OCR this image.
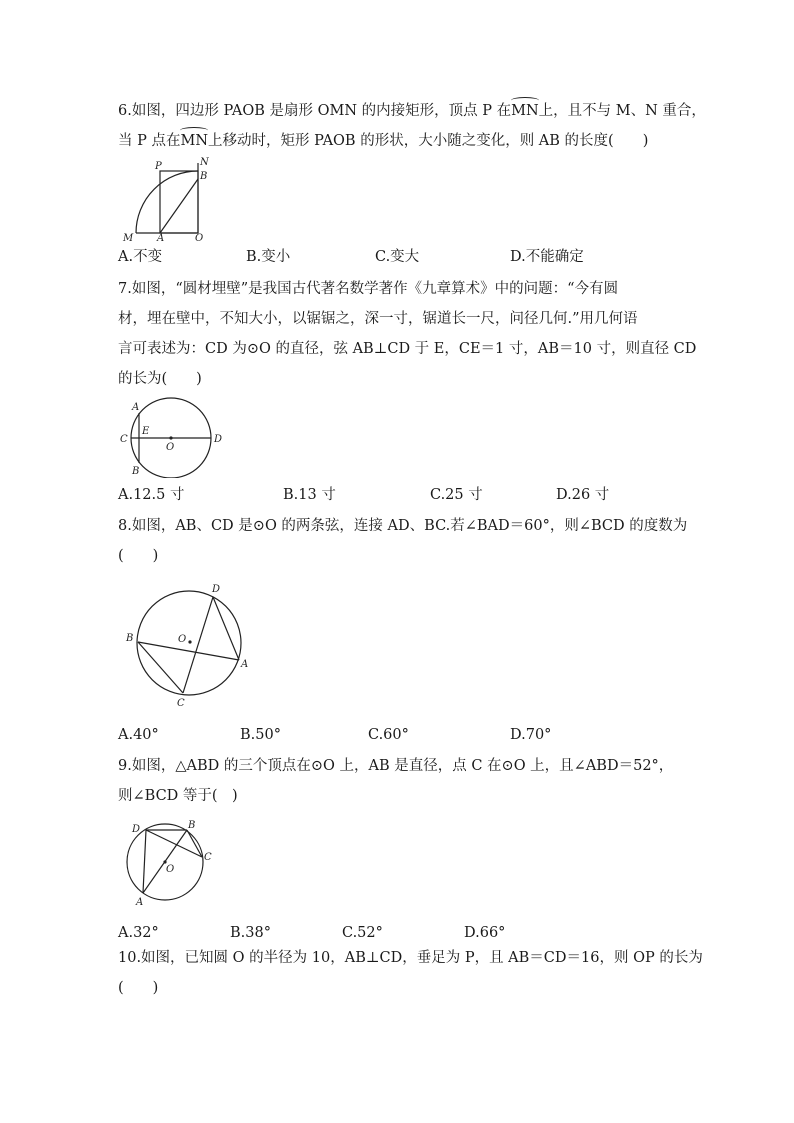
6.如图，四边形 PAOB 是扇形 OMN 的内接矩形，顶点 P 在MN上，且不与 M、N 重合，
当 P 点在MN上移动时，矩形 PAOB 的形状，大小随之变化，则 AB 的长度(　　)
P	N
B
M A	O
A.不变	B.变小	C.变大	D.不能确定
7.如图，“圆材埋壁”是我国古代著名数学著作《九章算术》中的问题：“今有圆
材，埋在壁中，不知大小，以锯锯之，深一寸，锯道长一尺，问径几何.”用几何语
言可表述为：CD 为⊙O 的直径，弦 AB⊥CD 于 E，CE＝1 寸，AB＝10 寸，则直径 CD
的长为(　　)
A
C
E
O
D
B
A.12.5 寸	B.13 寸	C.25 寸	D.26 寸
8.如图，AB、CD 是⊙O 的两条弦，连接 AD、BC.若∠BAD＝60°，则∠BCD 的度数为
(　　)
D
B	O
A
C
A.40°	B.50°	C.60°	D.70°
9.如图，△ABD 的三个顶点在⊙O 上，AB 是直径，点 C 在⊙O 上，且∠ABD＝52°，
则∠BCD 等于(　)
D	B
C
O
A
A.32°	B.38°	C.52°	D.66°
10.如图，已知圆 O 的半径为 10，AB⊥CD，垂足为 P，且 AB＝CD＝16，则 OP 的长为
(　　)
